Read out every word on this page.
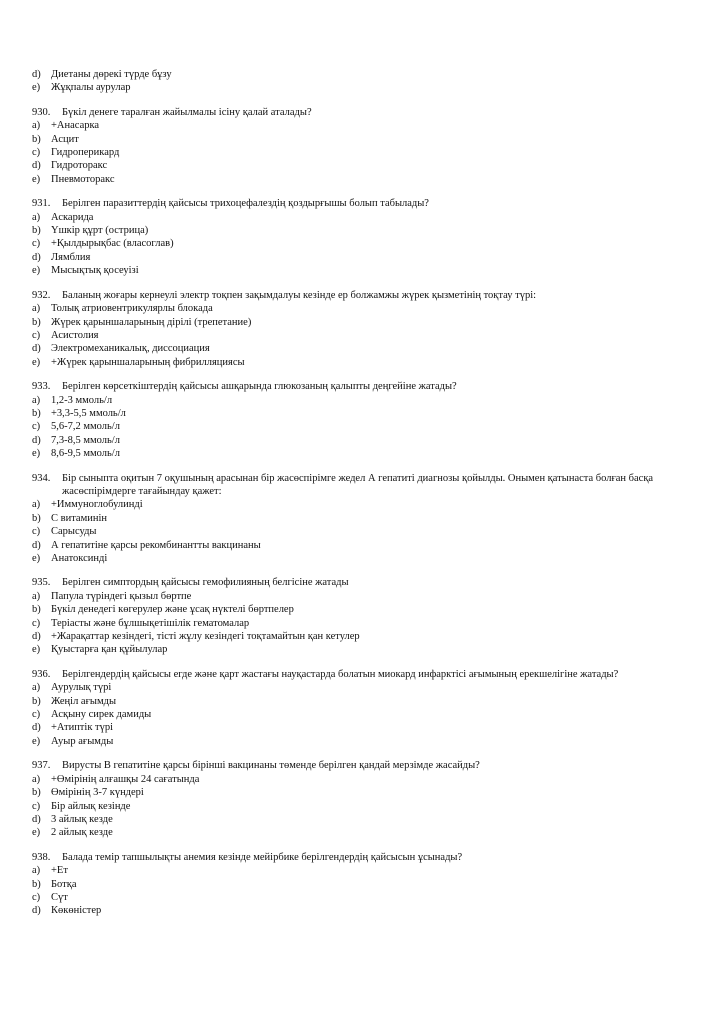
d) Диетаны дөрекі түрде бұзу
e)	Жұқпалы аурулар
930.	Бүкіл денеге таралған жайылмалы ісіну қалай аталады?
a)	+Анасарка
b) Асцит
c)	Гидроперикард
d) Гидроторакс
e)	Пневмоторакс
931.	Берілген паразиттердің қайсысы трихоцефалездің қоздырғышы болып табылады?
a)	Аскарида
b) Үшкір құрт (острица)
c)	+Қылдырықбас (власоглав)
d) Лямблия
e)	Мысықтық қосеуізі
932.	Баланың жоғары кернеулі электр тоқпен зақымдалуы кезінде ер болжамжы жүрек қызметінің тоқтау түрі:
a)	Толық атриовентрикулярлы блокада
b) Жүрек қарыншаларының дірілі (трепетание)
c)	Асистолия
d) Электромеханикалық, диссоциация
e)	+Жүрек қарыншаларының фибрилляциясы
933.	Берілген көрсеткіштердің қайсысы ашқарында глюкозаның қалыпты деңгейіне жатады?
a)	1,2-3 ммоль/л
b) +3,3-5,5 ммоль/л
c)	5,6-7,2 ммоль/л
d) 7,3-8,5 ммоль/л
e)	8,6-9,5 ммоль/л
934.	Бір сыныпта оқитын 7 оқушының арасынан бір жасөспірімге жедел А гепатиті диагнозы қойылды. Онымен қатынаста болған басқа жасөспірімдерге тағайындау қажет:
a)	+Иммуноглобулинді
b) С витаминін
c)	Сарысуды
d) А гепатитіне қарсы рекомбинантты вакцинаны
e)	Анатоксинді
935.	Берілген симптордың қайсысы гемофилияның белгісіне жатады
a)	Папула түріндегі қызыл бөртпе
b) Бүкіл денедегі көгерулер және ұсақ нүктелі бөртпелер
c)	Теріасты және бұлшықетішілік гематомалар
d) +Жарақаттар кезіндегі, тісті жұлу кезіндегі тоқтамайтын қан кетулер
e)	Қуыстарға қан құйылулар
936.	Берілгендердің қайсысы егде және қарт жастағы науқастарда болатын миокард инфарктісі ағымының ерекшелігіне жатады?
a)	Аурулық түрі
b) Жеңіл ағымды
c)	Асқыну сирек дамиды
d) +Атиптік түрі
e)	Ауыр ағымды
937.	Вирусты В гепатитіне қарсы бірінші вакцинаны төменде берілген қандай мерзімде жасайды?
a)	+Өмірінің алғашқы 24 сағатында
b) Өмірінің 3-7 күндері
c)	Бір айлық кезінде
d) 3 айлық кезде
e)	2 айлық кезде
938.	Балада темір тапшылықты анемия кезінде мейірбике берілгендердің қайсысын ұсынады?
a)	+Ет
b) Ботқа
c)	Сүт
d) Көкөністер
